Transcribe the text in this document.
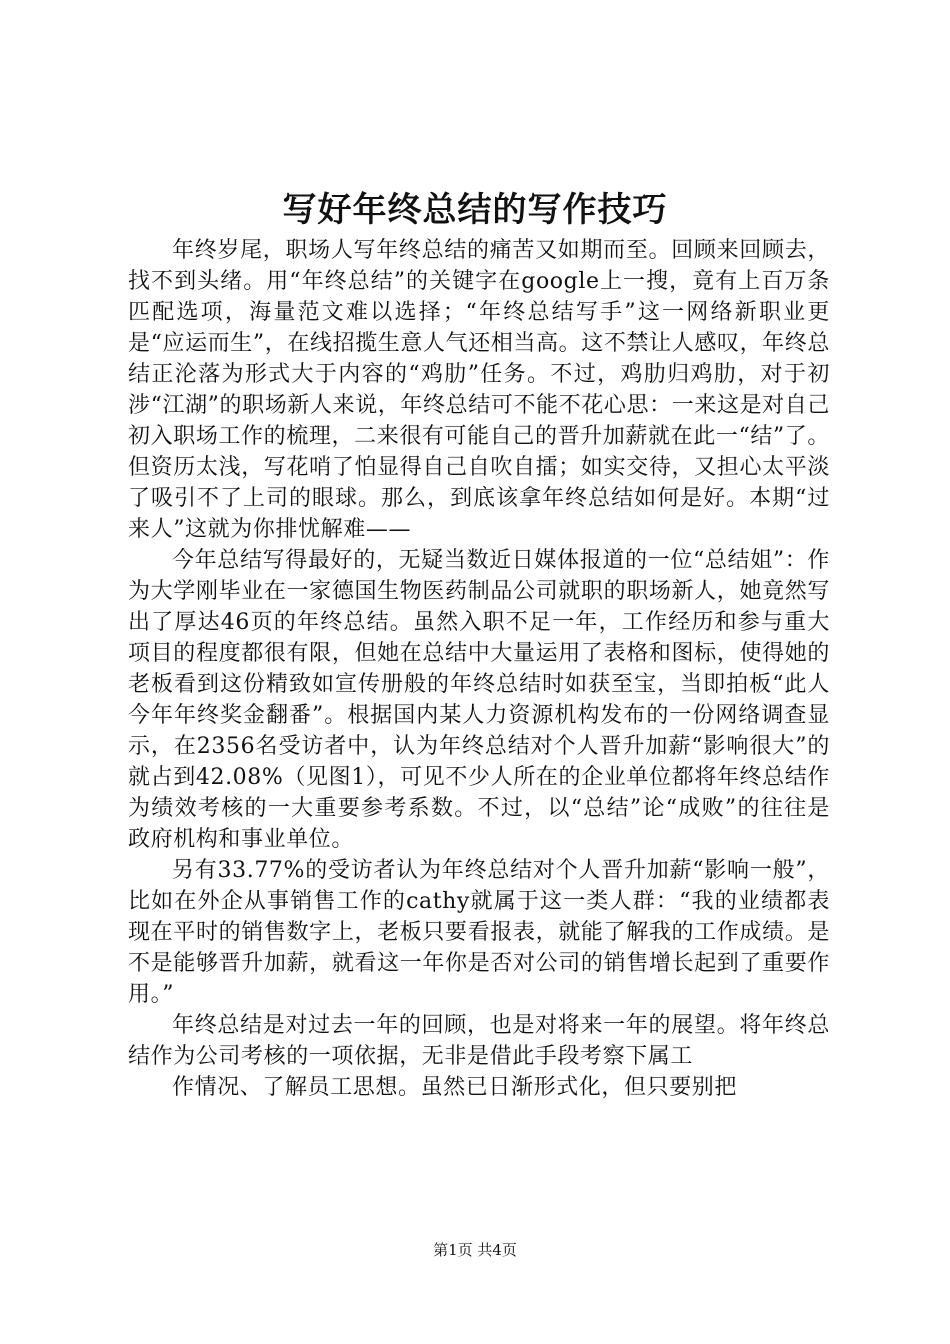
写好年终总结的写作技巧

年终岁尾，职场人写年终总结的痛苦又如期而至。回顾来回顾去，找不到头绪。用“年终总结”的关键字在google上一搜，竟有上百万条匹配选项，海量范文难以选择；“年终总结写手”这一网络新职业更是“应运而生”，在线招揽生意人气还相当高。这不禁让人感叹，年终总结正沦落为形式大于内容的“鸡肋”任务。不过，鸡肋归鸡肋，对于初涉“江湖”的职场新人来说，年终总结可不能不花心思：一来这是对自己初入职场工作的梳理，二来很有可能自己的晋升加薪就在此一“结”了。但资历太浅，写花哨了怕显得自己自吹自擂；如实交待，又担心太平淡了吸引不了上司的眼球。那么，到底该拿年终总结如何是好。本期“过来人”这就为你排忧解难——

今年总结写得最好的，无疑当数近日媒体报道的一位“总结姐”：作为大学刚毕业在一家德国生物医药制品公司就职的职场新人，她竟然写出了厚达46页的年终总结。虽然入职不足一年，工作经历和参与重大项目的程度都很有限，但她在总结中大量运用了表格和图标，使得她的老板看到这份精致如宣传册般的年终总结时如获至宝，当即拍板“此人今年年终奖金翻番”。根据国内某人力资源机构发布的一份网络调查显示，在2356名受访者中，认为年终总结对个人晋升加薪“影响很大”的就占到42.08%（见图1），可见不少人所在的企业单位都将年终总结作为绩效考核的一大重要参考系数。不过，以“总结”论“成败”的往往是政府机构和事业单位。

另有33.77%的受访者认为年终总结对个人晋升加薪“影响一般”，比如在外企从事销售工作的cathy就属于这一类人群：“我的业绩都表现在平时的销售数字上，老板只要看报表，就能了解我的工作成绩。是不是能够晋升加薪，就看这一年你是否对公司的销售增长起到了重要作用。”

年终总结是对过去一年的回顾，也是对将来一年的展望。将年终总结作为公司考核的一项依据，无非是借此手段考察下属工

作情况、了解员工思想。虽然已日渐形式化，但只要别把

第1页 共4页
